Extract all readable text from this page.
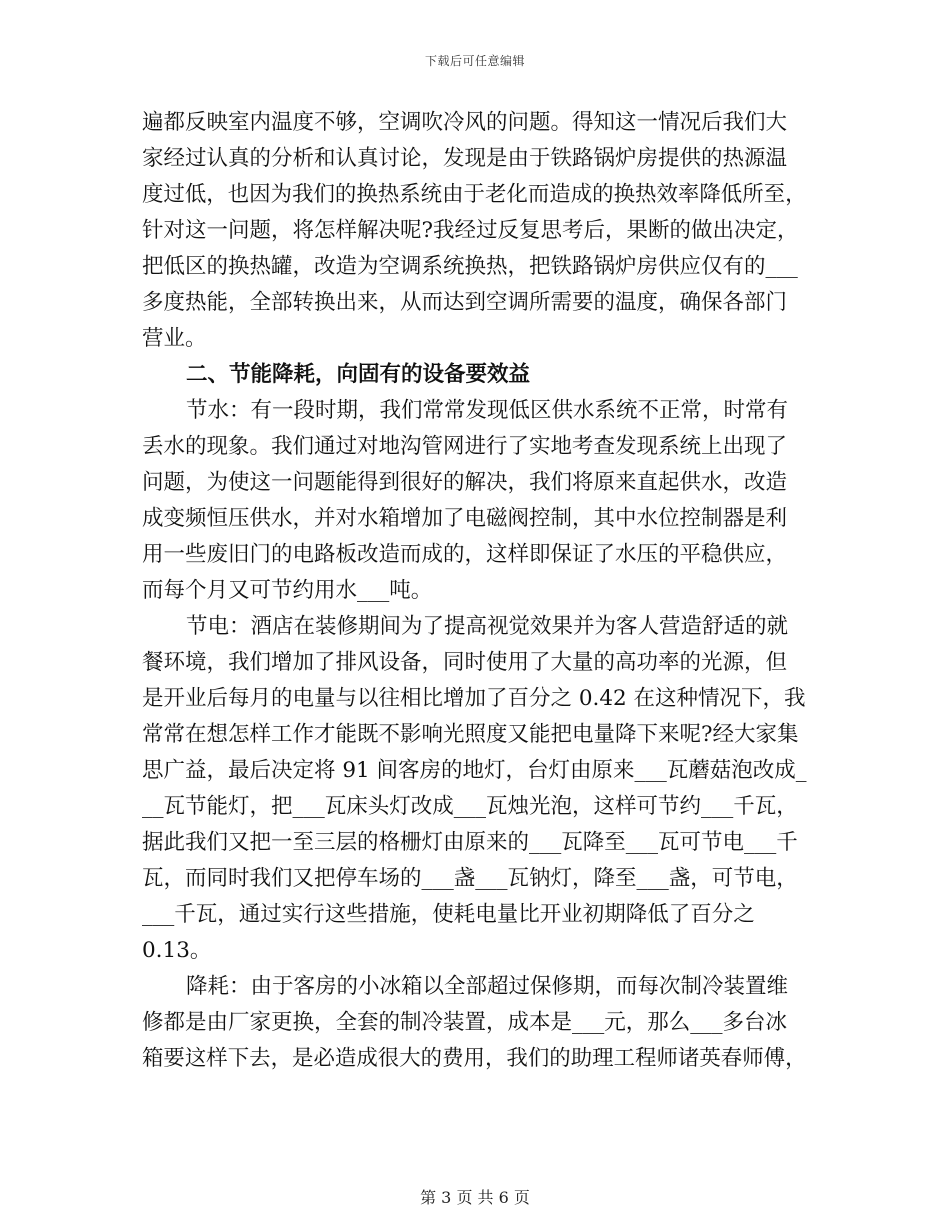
下载后可任意编辑
遍都反映室内温度不够，空调吹冷风的问题。得知这一情况后我们大
家经过认真的分析和认真讨论，发现是由于铁路锅炉房提供的热源温
度过低，也因为我们的换热系统由于老化而造成的换热效率降低所至，
针对这一问题，将怎样解决呢?我经过反复思考后，果断的做出决定，
把低区的换热罐，改造为空调系统换热，把铁路锅炉房供应仅有的___
多度热能，全部转换出来，从而达到空调所需要的温度，确保各部门
营业。
二、节能降耗，向固有的设备要效益
节水：有一段时期，我们常常发现低区供水系统不正常，时常有
丢水的现象。我们通过对地沟管网进行了实地考查发现系统上出现了
问题，为使这一问题能得到很好的解决，我们将原来直起供水，改造
成变频恒压供水，并对水箱增加了电磁阀控制，其中水位控制器是利
用一些废旧门的电路板改造而成的，这样即保证了水压的平稳供应，
而每个月又可节约用水___吨。
节电：酒店在装修期间为了提高视觉效果并为客人营造舒适的就
餐环境，我们增加了排风设备，同时使用了大量的高功率的光源，但
是开业后每月的电量与以往相比增加了百分之 0.42 在这种情况下，我
常常在想怎样工作才能既不影响光照度又能把电量降下来呢?经大家集
思广益，最后决定将 91 间客房的地灯，台灯由原来___瓦蘑菇泡改成_
__瓦节能灯，把___瓦床头灯改成___瓦烛光泡，这样可节约___千瓦，
据此我们又把一至三层的格栅灯由原来的___瓦降至___瓦可节电___千
瓦，而同时我们又把停车场的___盏___瓦钠灯，降至___盏，可节电，
___千瓦，通过实行这些措施，使耗电量比开业初期降低了百分之
0.13。
降耗：由于客房的小冰箱以全部超过保修期，而每次制冷装置维
修都是由厂家更换，全套的制冷装置，成本是___元，那么___多台冰
箱要这样下去，是必造成很大的费用，我们的助理工程师诸英春师傅，
第 3 页 共 6 页
